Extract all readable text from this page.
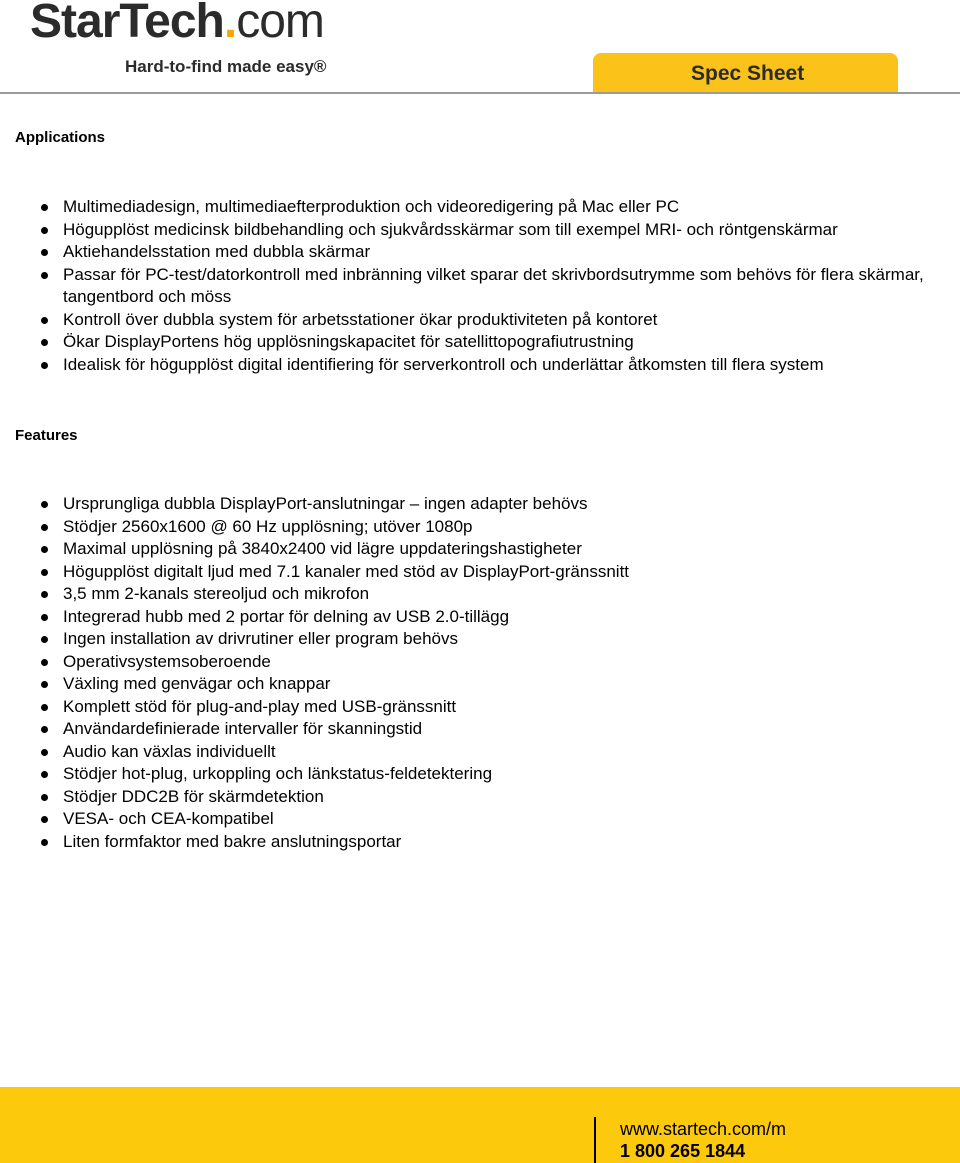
StarTech.com
Hard-to-find made easy®	Spec Sheet
Applications
Multimediadesign, multimediaefterproduktion och videoredigering på Mac eller PC
Högupplöst medicinsk bildbehandling och sjukvårdsskärmar som till exempel MRI- och röntgenskärmar
Aktiehandelsstation med dubbla skärmar
Passar för PC-test/datorkontroll med inbränning vilket sparar det skrivbordsutrymme som behövs för flera skärmar, tangentbord och möss
Kontroll över dubbla system för arbetsstationer ökar produktiviteten på kontoret
Ökar DisplayPortens hög upplösningskapacitet för satellittopografiutrustning
Idealisk för högupplöst digital identifiering för serverkontroll och underlättar åtkomsten till flera system
Features
Ursprungliga dubbla DisplayPort-anslutningar – ingen adapter behövs
Stödjer 2560x1600 @ 60 Hz upplösning; utöver 1080p
Maximal upplösning på 3840x2400 vid lägre uppdateringshastigheter
Högupplöst digitalt ljud med 7.1 kanaler med stöd av DisplayPort-gränssnitt
3,5 mm 2-kanals stereoljud och mikrofon
Integrerad hubb med 2 portar för delning av USB 2.0-tillägg
Ingen installation av drivrutiner eller program behövs
Operativsystemsoberoende
Växling med genvägar och knappar
Komplett stöd för plug-and-play med USB-gränssnitt
Användardefinierade intervaller för skanningstid
Audio kan växlas individuellt
Stödjer hot-plug, urkoppling och länkstatus-feldetektering
Stödjer DDC2B för skärmdetektion
VESA- och CEA-kompatibel
Liten formfaktor med bakre anslutningsportar
www.startech.com/m
1 800 265 1844
